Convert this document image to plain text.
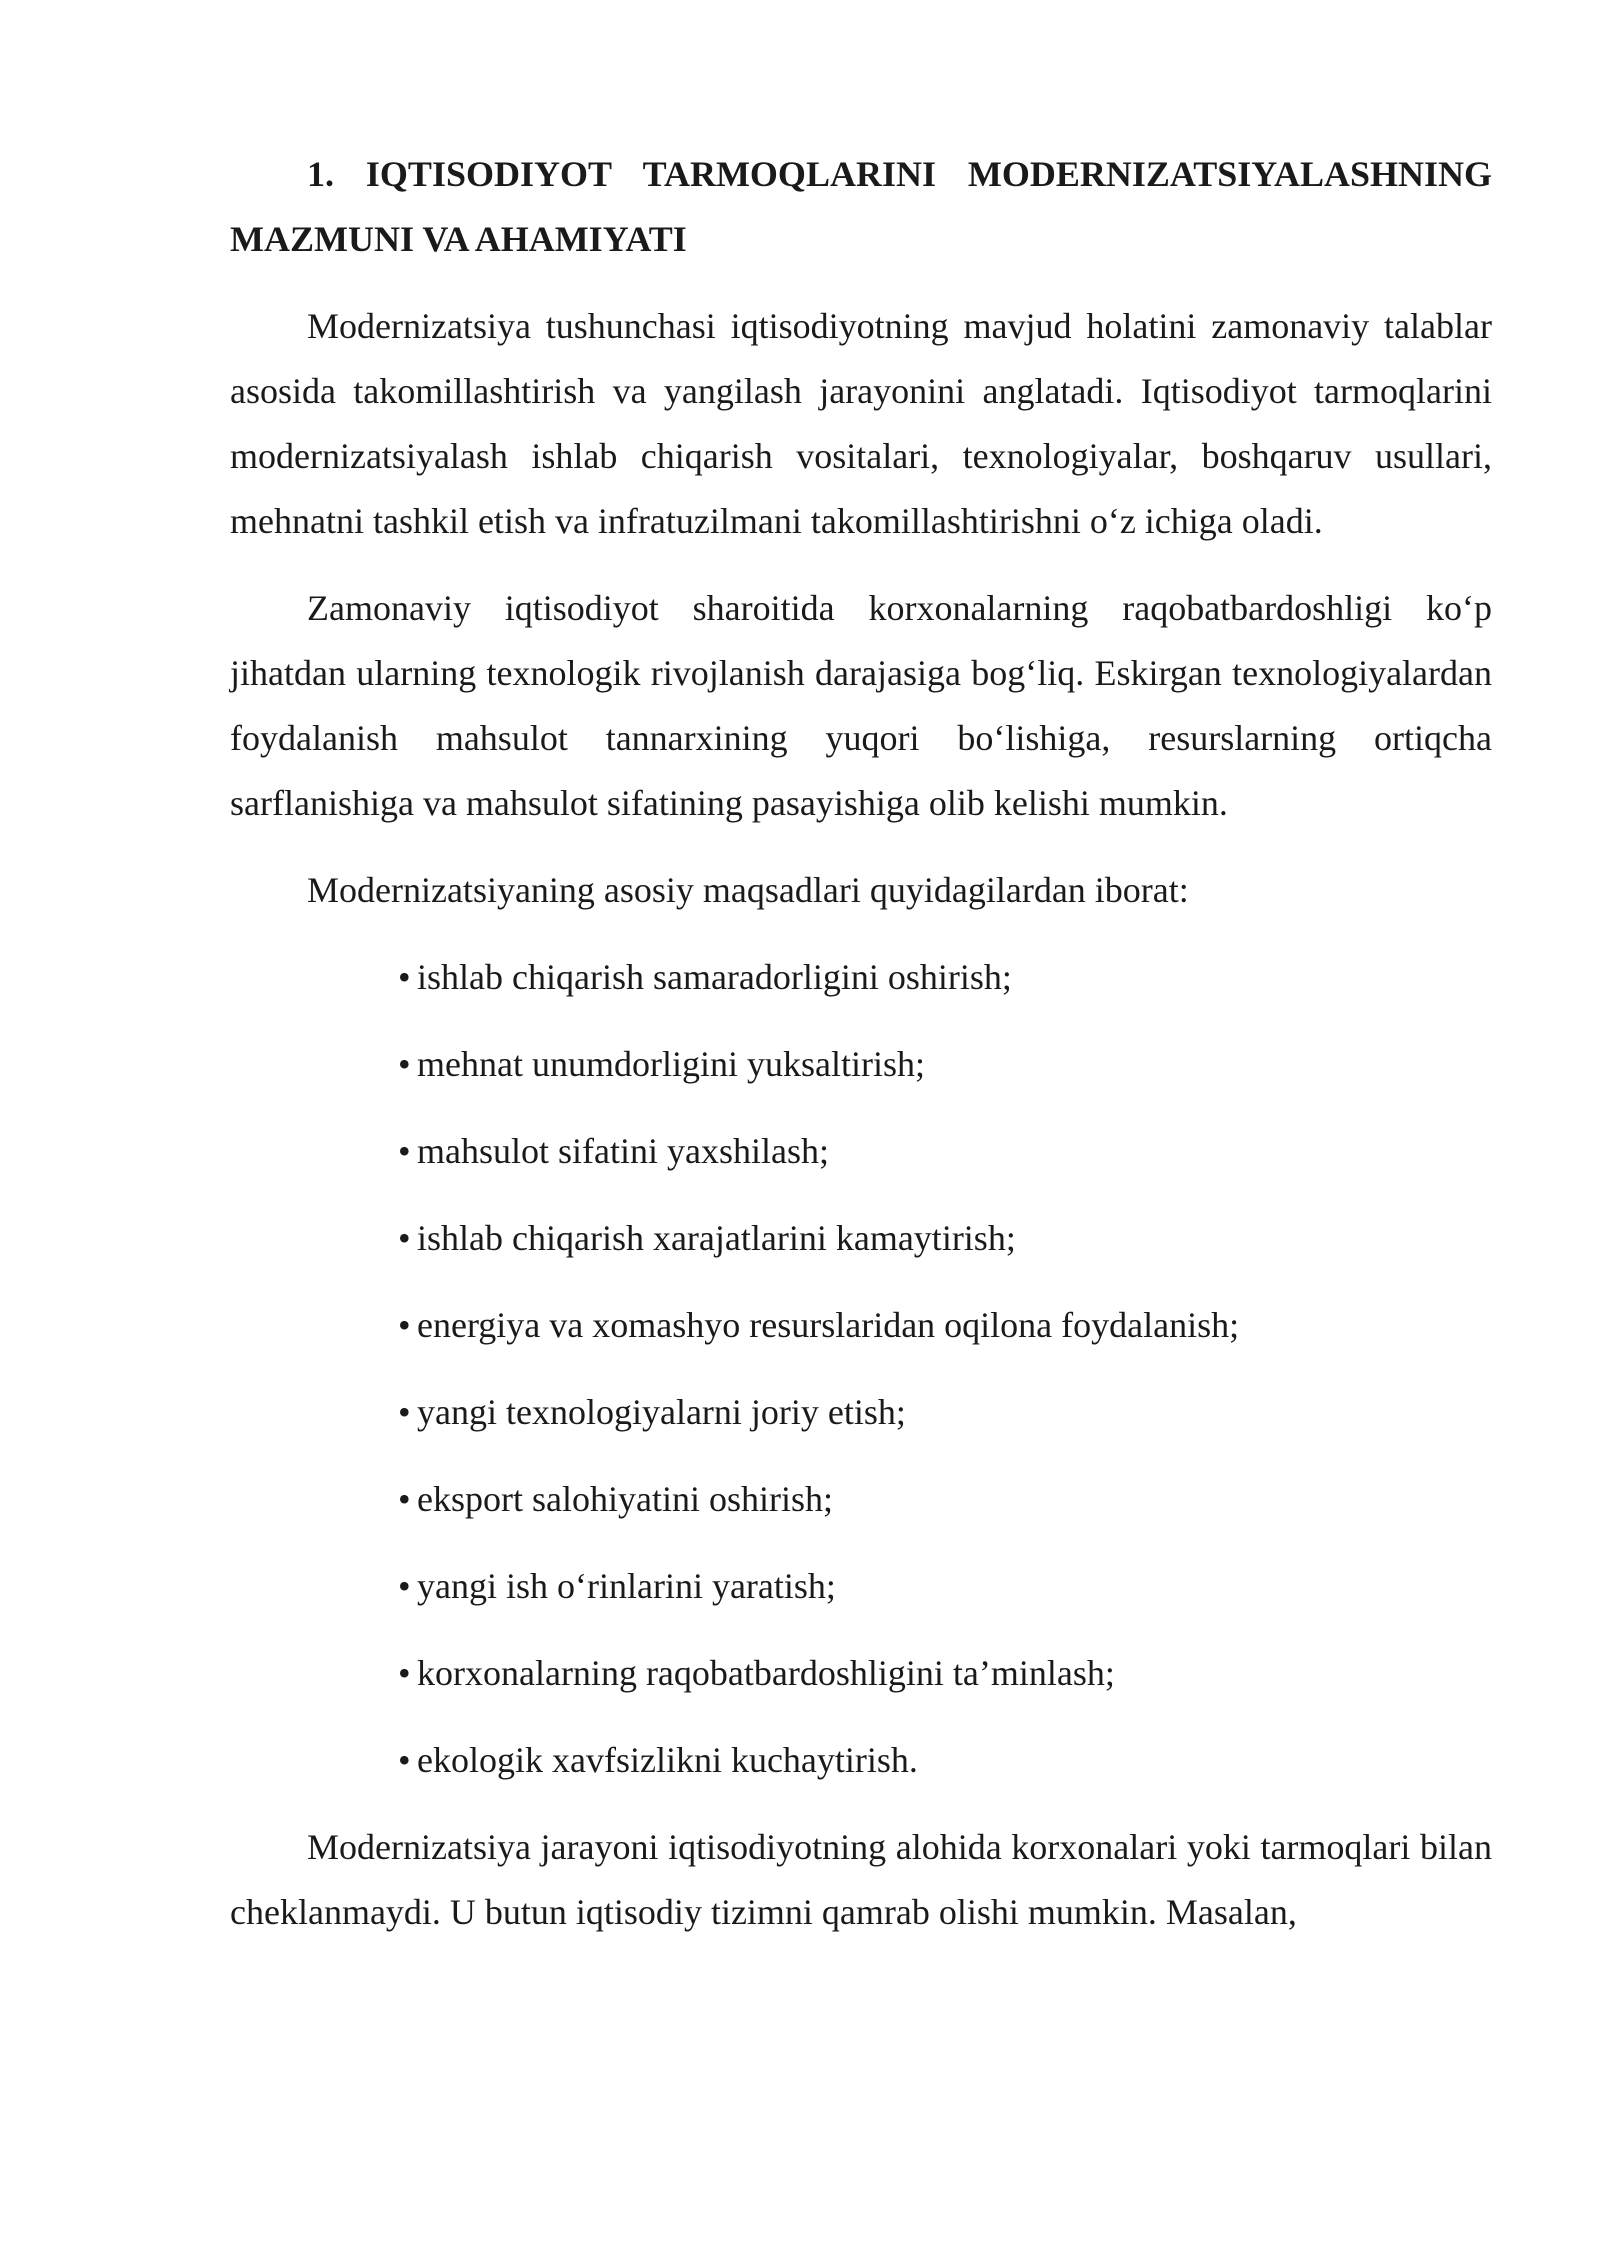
1. IQTISODIYOT TARMOQLARINI MODERNIZATSIYALASHNING MAZMUNI VA AHAMIYATI

Modernizatsiya tushunchasi iqtisodiyotning mavjud holatini zamonaviy talablar asosida takomillashtirish va yangilash jarayonini anglatadi. Iqtisodiyot tarmoqlarini modernizatsiyalash ishlab chiqarish vositalari, texnologiyalar, boshqaruv usullari, mehnatni tashkil etish va infratuzilmani takomillashtirishni o‘z ichiga oladi.

Zamonaviy iqtisodiyot sharoitida korxonalarning raqobatbardoshligi ko‘p jihatdan ularning texnologik rivojlanish darajasiga bog‘liq. Eskirgan texnologiyalardan foydalanish mahsulot tannarxining yuqori bo‘lishiga, resurslarning ortiqcha sarflanishiga va mahsulot sifatining pasayishiga olib kelishi mumkin.

Modernizatsiyaning asosiy maqsadlari quyidagilardan iborat:

• ishlab chiqarish samaradorligini oshirish;
• mehnat unumdorligini yuksaltirish;
• mahsulot sifatini yaxshilash;
• ishlab chiqarish xarajatlarini kamaytirish;
• energiya va xomashyo resurslaridan oqilona foydalanish;
• yangi texnologiyalarni joriy etish;
• eksport salohiyatini oshirish;
• yangi ish o‘rinlarini yaratish;
• korxonalarning raqobatbardoshligini ta’minlash;
• ekologik xavfsizlikni kuchaytirish.

Modernizatsiya jarayoni iqtisodiyotning alohida korxonalari yoki tarmoqlari bilan cheklanmaydi. U butun iqtisodiy tizimni qamrab olishi mumkin. Masalan,
